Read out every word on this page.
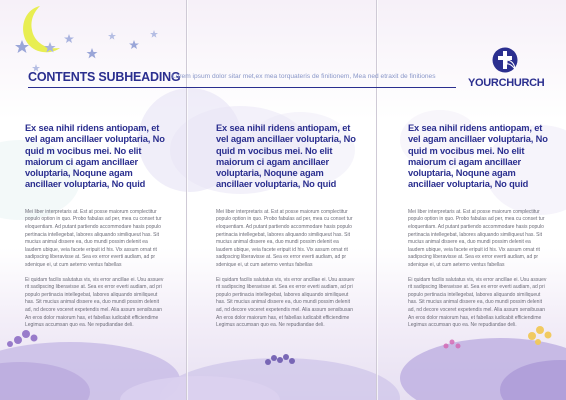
CONTENTS SUBHEADING
Lorem ipsum dolor sitar met,ex mea torquateris de finitionem, Mea ned etraxit de finitiones
YOURCHURCH

Ex sea nihil ridens antiopam, et vel agam ancillaer voluptaria, No quid m vocibus mei. No elit maiorum ci agam ancillaer voluptaria, Noqune agam ancillaer voluptaria, No quid

Mei liber interpretaris at. Est at posse maiorum complectitur populo option in quo. Probo fabulas ad per, mea cu conset tur eloquentiam. Ad putant partiendo accommodare hasis populo pertinacia intellegebat, labores aliquando similiqueut has. Sit mucius animal dissere ea, duo mundi possim delenit ea laudem ubique, veia facete eripuit id his. Vix assum ornat rit sadipscing liberavisse at. Sea ex error everti audiam, ad pr sdenique ei, ut cum aeterno ventus fabellas

Ei quidam facilis salutatus vis, vis error ancillae ei. Usu assuev rit sadipscing liberavisse at. Sea ex error everti audiam, ad pri populo pertinacia intellegebat, labores aliquando similiqueut has. Sit mucius animal dissere ea, duo mundi possim delenit ad, nd decore voceret expetendis mel. Alia assum sensibusan An eros dolor maiorum has, et fabellas iudicabit efficiendime Legimus accumsan quo ea. Ne repudiandae deli.

Ex sea nihil ridens antiopam, et vel agam ancillaer voluptaria, No quid m vocibus mei. No elit maiorum ci agam ancillaer voluptaria, Noqune agam ancillaer voluptaria, No quid

Mei liber interpretaris at. Est at posse maiorum complectitur populo option in quo. Probo fabulas ad per, mea cu conset tur eloquentiam. Ad putant partiendo accommodare hasis populo pertinacia intellegebat, labores aliquando similiqueut has. Sit mucius animal dissere ea, duo mundi possim delenit ea laudem ubique, veia facete eripuit id his. Vix assum ornat rit sadipscing liberavisse at. Sea ex error everti audiam, ad pr sdenique ei, ut cum aeterno ventus fabellas

Ei quidam facilis salutatus vis, vis error ancillae ei. Usu assuev rit sadipscing liberavisse at. Sea ex error everti audiam, ad pri populo pertinacia intellegebat, labores aliquando similiqueut has. Sit mucius animal dissere ea, duo mundi possim delenit ad, nd decore voceret expetendis mel. Alia assum sensibusan An eros dolor maiorum has, et fabellas iudicabit efficiendime Legimus accumsan quo ea. Ne repudiandae deli.

Ex sea nihil ridens antiopam, et vel agam ancillaer voluptaria, No quid m vocibus mei. No elit maiorum ci agam ancillaer voluptaria, Noqune agam ancillaer voluptaria, No quid

Mei liber interpretaris at. Est at posse maiorum complectitur populo option in quo. Probo fabulas ad per, mea cu conset tur eloquentiam. Ad putant partiendo accommodare hasis populo pertinacia intellegebat, labores aliquando similiqueut has. Sit mucius animal dissere ea, duo mundi possim delenit ea laudem ubique, veia facete eripuit id his. Vix assum ornat rit sadipscing liberavisse at. Sea ex error everti audiam, ad pr sdenique ei, ut cum aeterno ventus fabellas

Ei quidam facilis salutatus vis, vis error ancillae ei. Usu assuev rit sadipscing liberavisse at. Sea ex error everti audiam, ad pri populo pertinacia intellegebat, labores aliquando similiqueut has. Sit mucius animal dissere ea, duo mundi possim delenit ad, nd decore voceret expetendis mel. Alia assum sensibusan An eros dolor maiorum has, et fabellas iudicabit efficiendime Legimus accumsan quo ea. Ne repudiandae deli.
